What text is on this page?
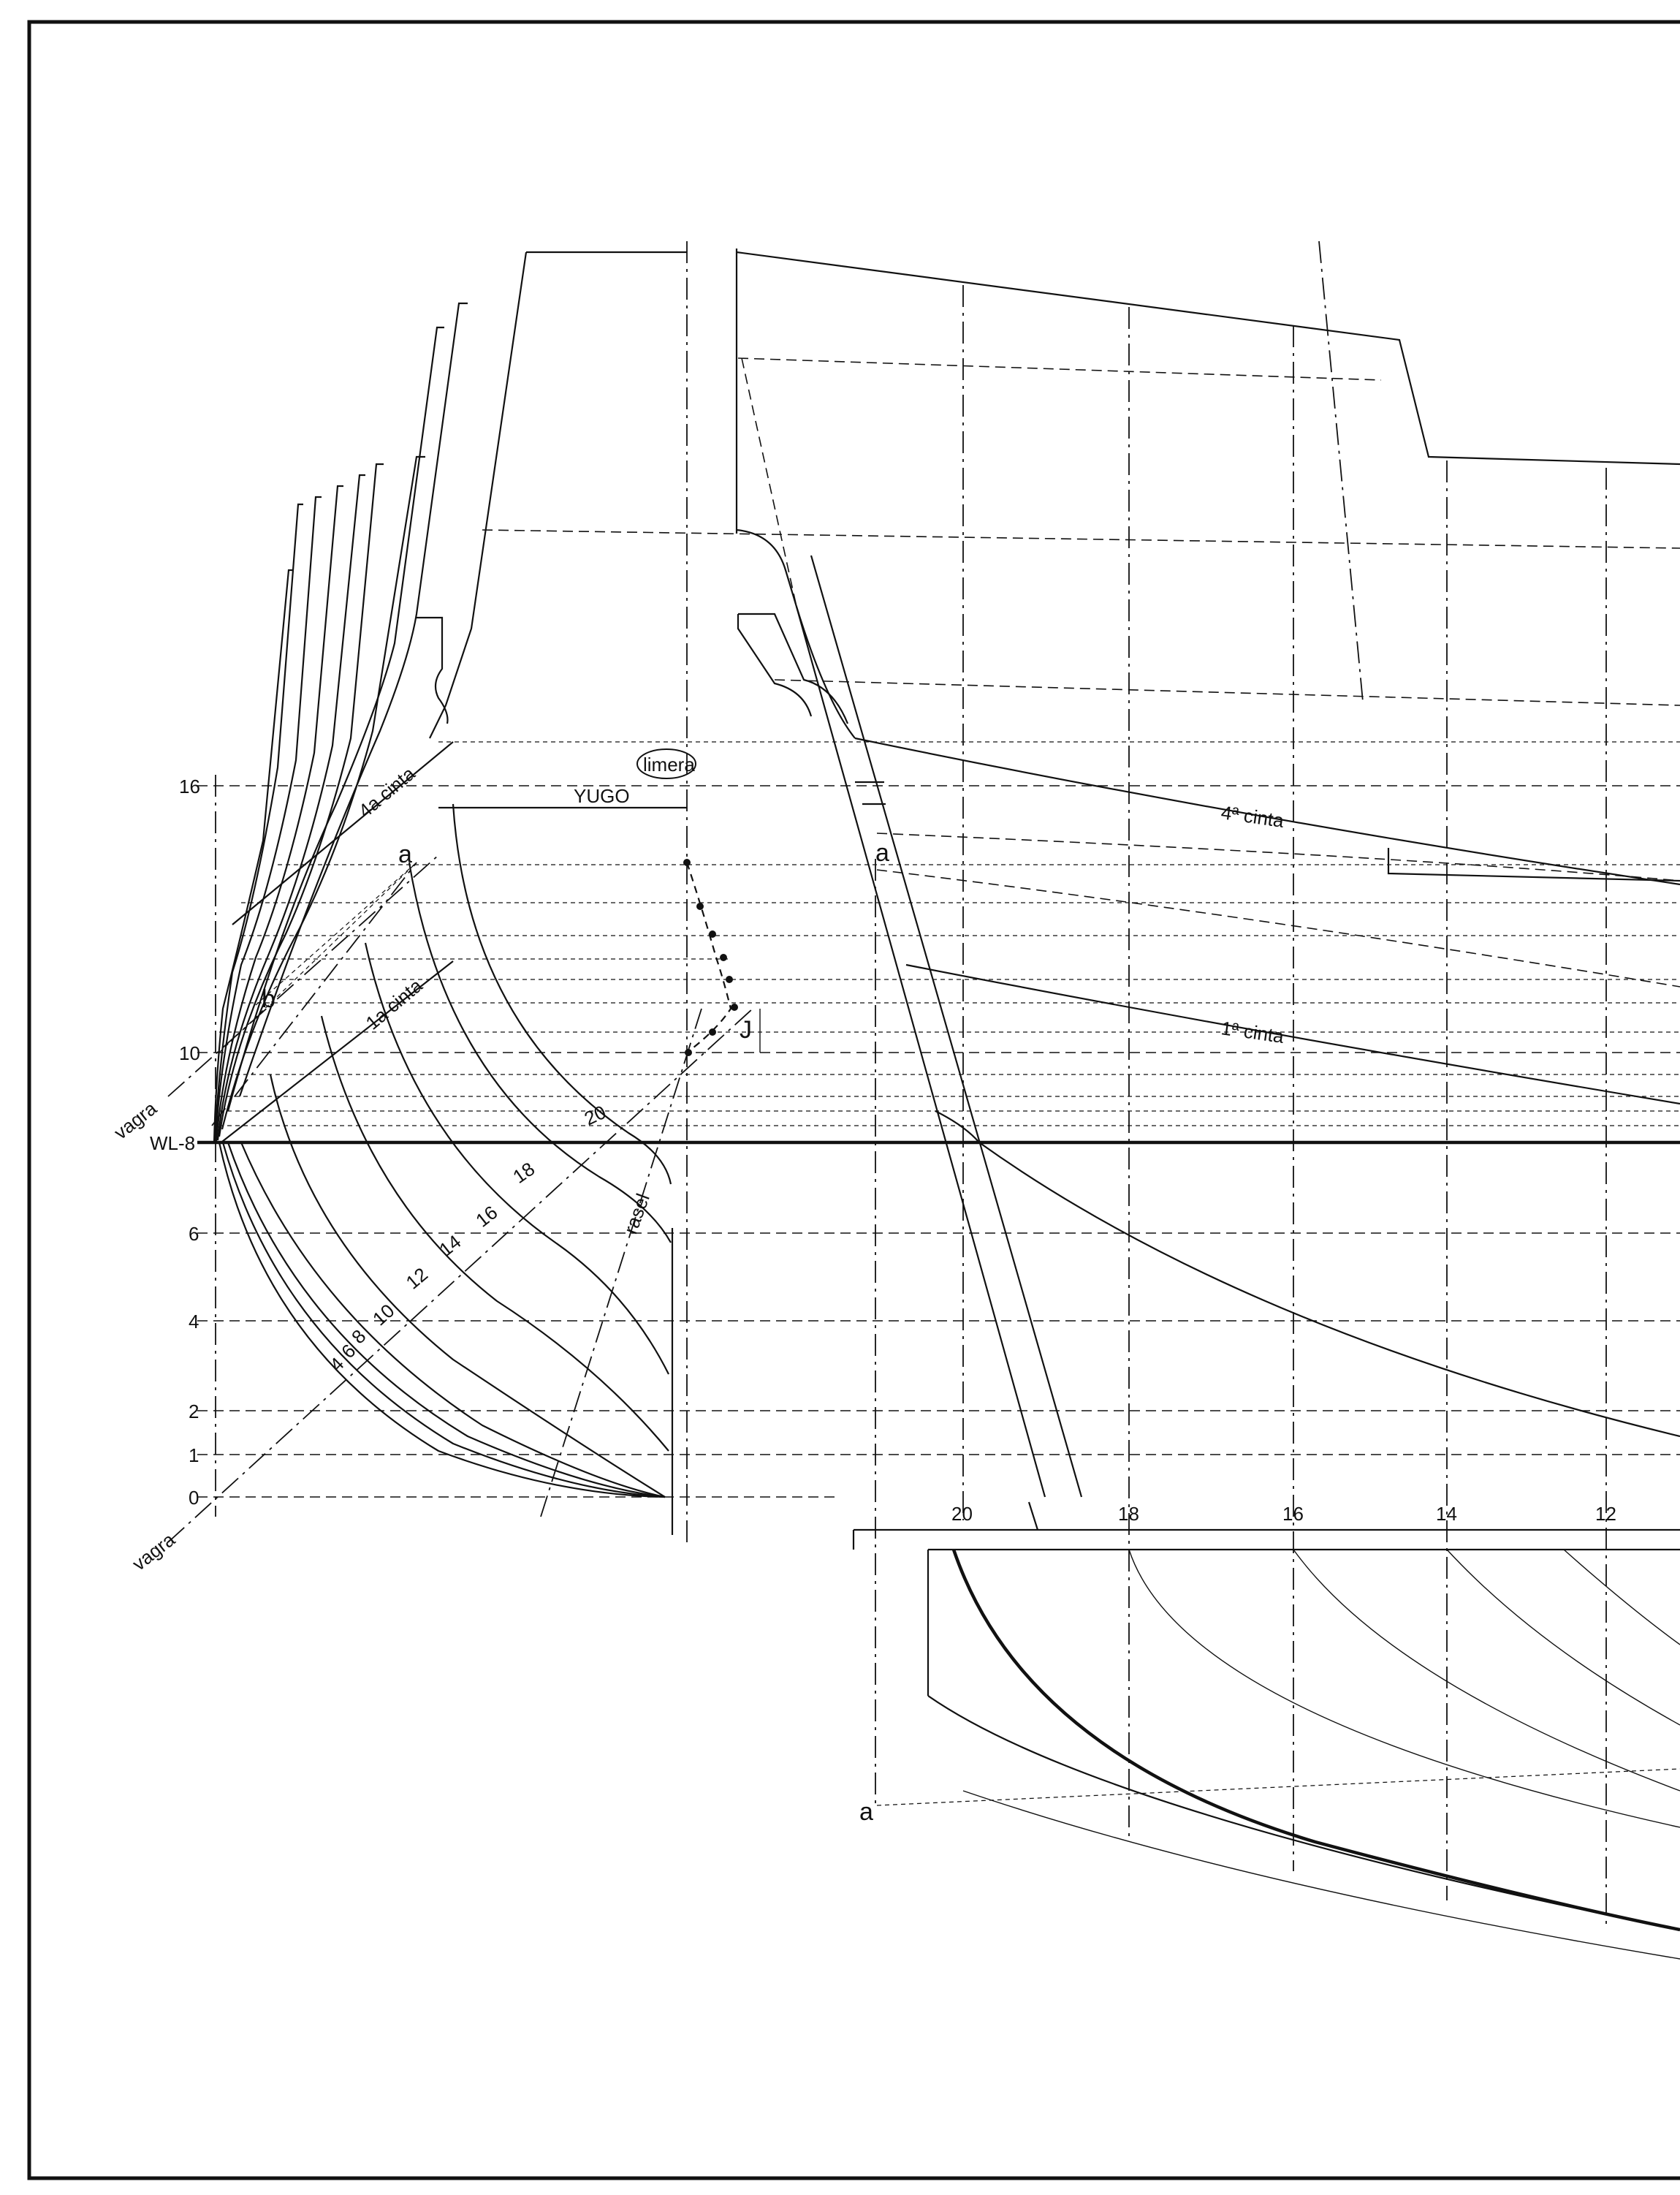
16
10
WL-8
6
4
2
1
0
limera
YUGO
4a cinta
1a cinta
a
b
J
rasel
vagra
vagra
20
18
16
14
12
10
8
6
4
4ª cinta
1ª cinta
a
20	18	16	14	12
a
